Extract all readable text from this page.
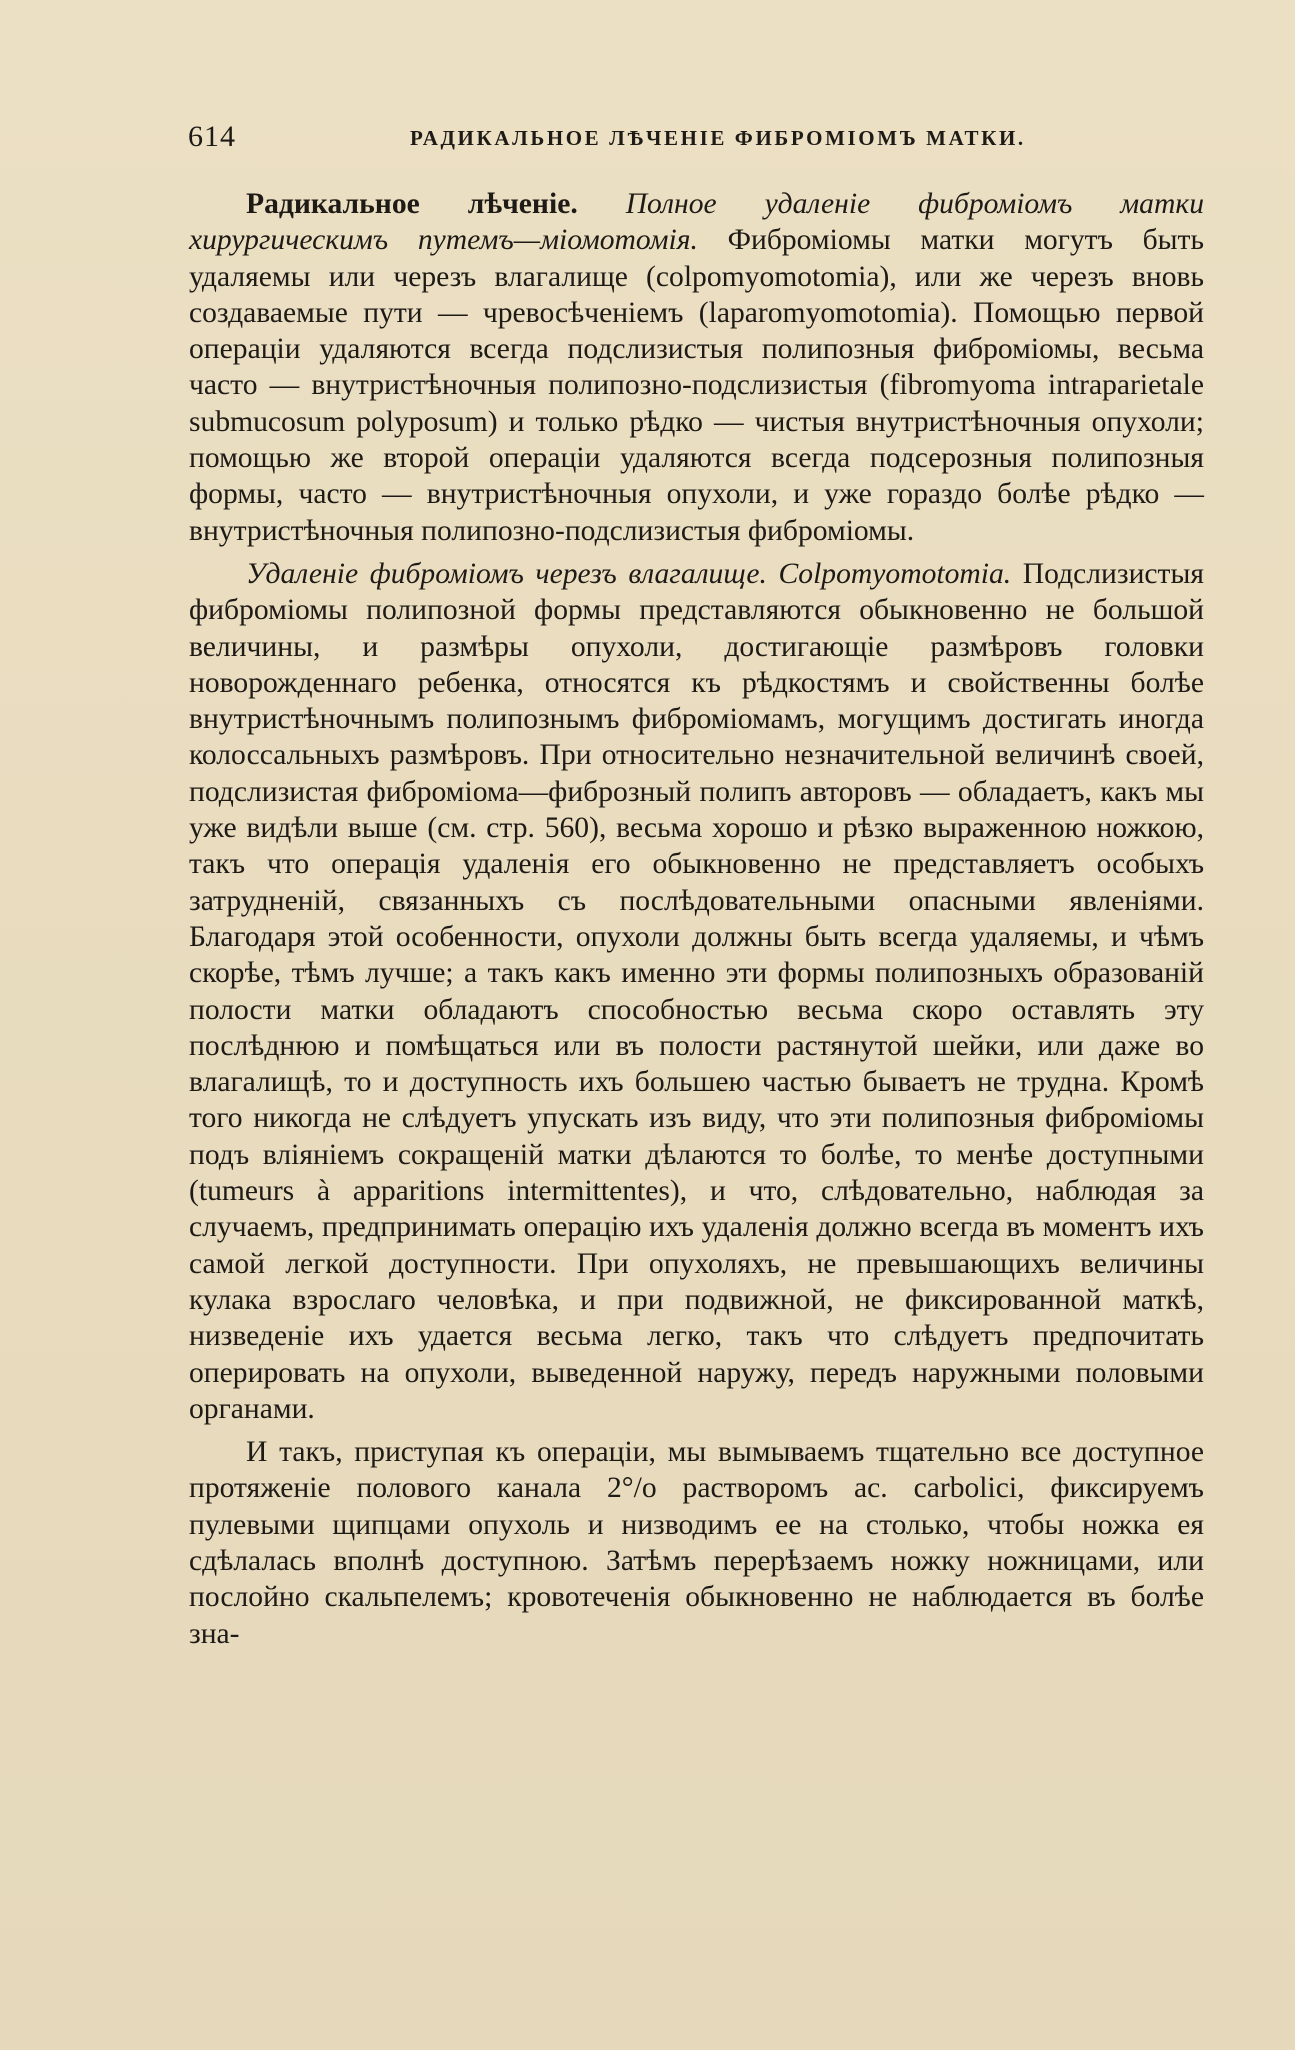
614	РАДИКАЛЬНОЕ ЛѢЧЕНІЕ ФИБРОМІОМЪ МАТКИ.

Радикальное лѣченіе. Полное удаленіе фиброміомъ матки хирургическимъ путемъ—міомотомія. Фиброміомы матки могутъ быть удаляемы или черезъ влагалище (colpomyomotomia), или же черезъ вновь создаваемые пути — чревосѣченіемъ (laparomyomotomia). Помощью первой операціи удаляются всегда подслизистыя полипозныя фиброміомы, весьма часто — внутристѣночныя полипозно-подслизистыя (fibromyoma intraparietale submucosum polyposum) и только рѣдко — чистыя внутристѣночныя опухоли; помощью же второй операціи удаляются всегда подсерозныя полипозныя формы, часто — внутристѣночныя опухоли, и уже гораздо болѣе рѣдко — внутристѣночныя полипозно-подслизистыя фиброміомы.

Удаленіе фиброміомъ черезъ влагалище. Colpomyomotomia. Подслизистыя фиброміомы полипозной формы представляются обыкновенно не большой величины, и размѣры опухоли, достигающіе размѣровъ головки новорожденнаго ребенка, относятся къ рѣдкостямъ и свойственны болѣе внутристѣночнымъ полипознымъ фиброміомамъ, могущимъ достигать иногда колоссальныхъ размѣровъ. При относительно незначительной величинѣ своей, подслизистая фиброміома—фиброзный полипъ авторовъ — обладаетъ, какъ мы уже видѣли выше (см. стр. 560), весьма хорошо и рѣзко выраженною ножкою, такъ что операція удаленія его обыкновенно не представляетъ особыхъ затрудненій, связанныхъ съ послѣдовательными опасными явленіями. Благодаря этой особенности, опухоли должны быть всегда удаляемы, и чѣмъ скорѣе, тѣмъ лучше; а такъ какъ именно эти формы полипозныхъ образованій полости матки обладаютъ способностью весьма скоро оставлять эту послѣднюю и помѣщаться или въ полости растянутой шейки, или даже во влагалищѣ, то и доступность ихъ большею частью бываетъ не трудна. Кромѣ того никогда не слѣдуетъ упускать изъ виду, что эти полипозныя фиброміомы подъ вліяніемъ сокращеній матки дѣлаются то болѣе, то менѣе доступными (tumeurs à apparitions intermittentes), и что, слѣдовательно, наблюдая за случаемъ, предпринимать операцію ихъ удаленія должно всегда въ моментъ ихъ самой легкой доступности. При опухоляхъ, не превышающихъ величины кулака взрослаго человѣка, и при подвижной, не фиксированной маткѣ, низведеніе ихъ удается весьма легко, такъ что слѣдуетъ предпочитать оперировать на опухоли, выведенной наружу, передъ наружными половыми органами.

И такъ, приступая къ операціи, мы вымываемъ тщательно все доступное протяженіе полового канала 2°/о растворомъ ac. carbolici, фиксируемъ пулевыми щипцами опухоль и низводимъ ее на столько, чтобы ножка ея сдѣлалась вполнѣ доступною. Затѣмъ перерѣзаемъ ножку ножницами, или послойно скальпелемъ; кровотеченія обыкновенно не наблюдается въ болѣе зна-
